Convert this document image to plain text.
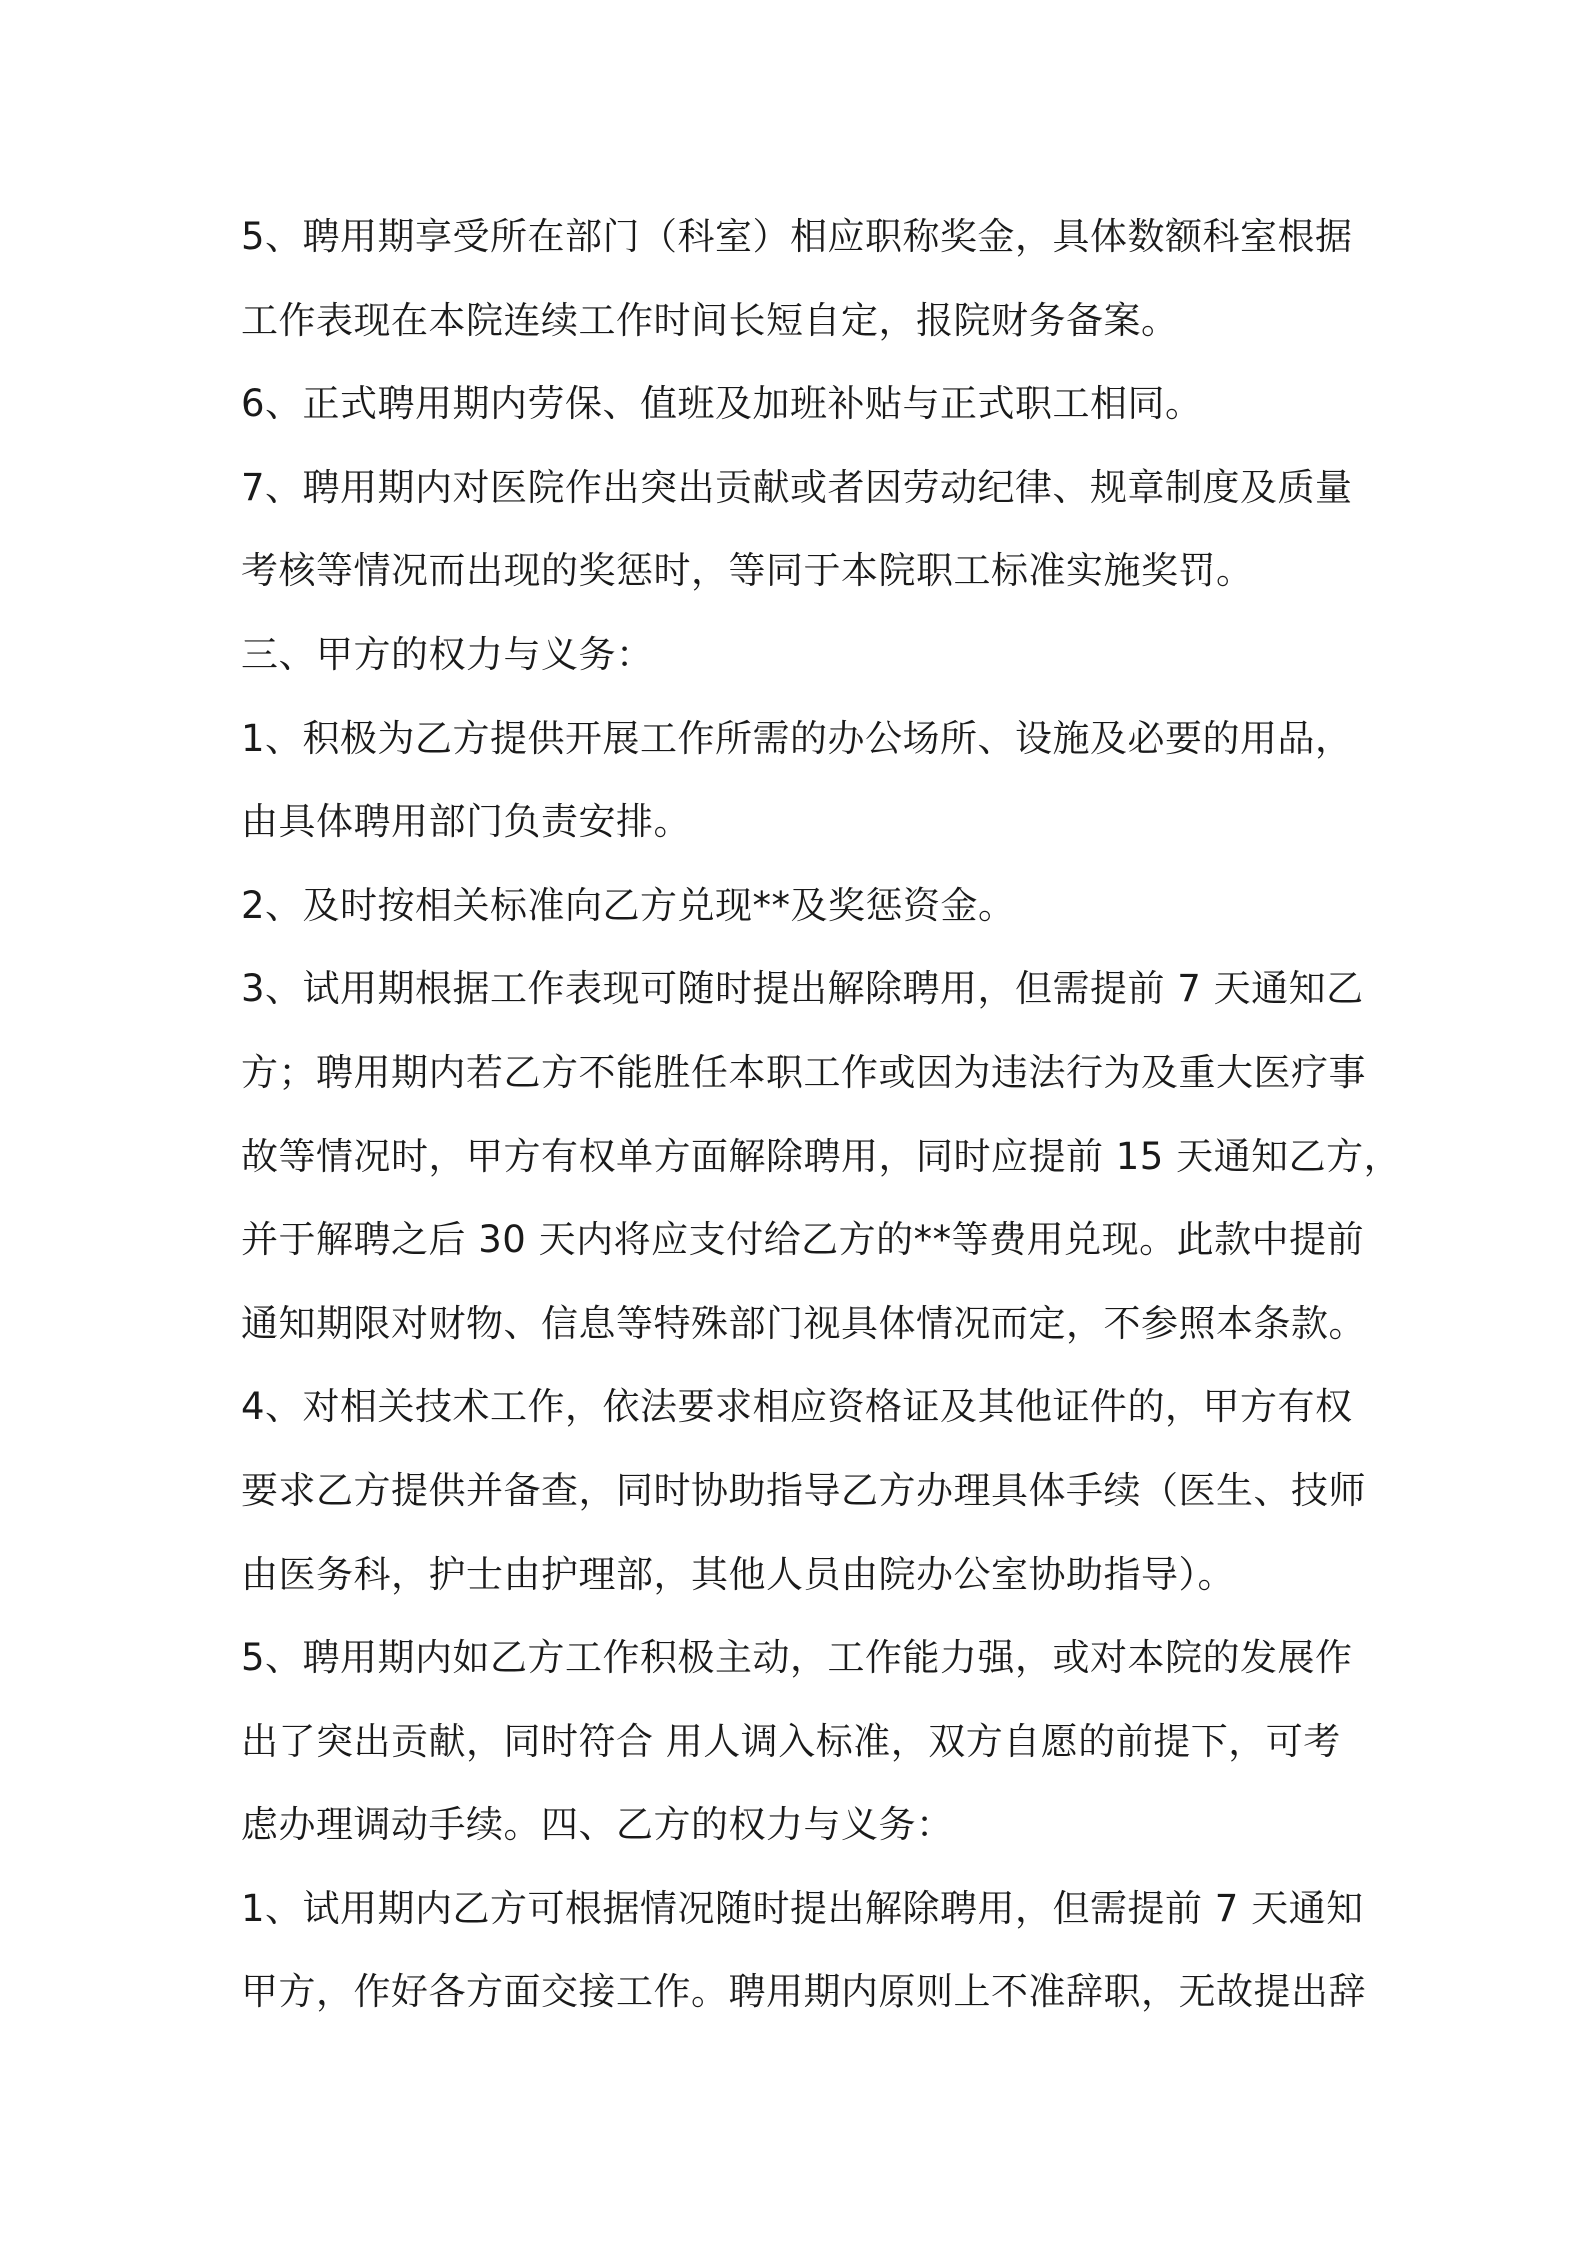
5、聘用期享受所在部门（科室）相应职称奖金，具体数额科室根据
工作表现在本院连续工作时间长短自定，报院财务备案。
6、正式聘用期内劳保、值班及加班补贴与正式职工相同。
7、聘用期内对医院作出突出贡献或者因劳动纪律、规章制度及质量
考核等情况而出现的奖惩时，等同于本院职工标准实施奖罚。
三、甲方的权力与义务：
1、积极为乙方提供开展工作所需的办公场所、设施及必要的用品，
由具体聘用部门负责安排。
2、及时按相关标准向乙方兑现**及奖惩资金。
3、试用期根据工作表现可随时提出解除聘用，但需提前 7 天通知乙
方；聘用期内若乙方不能胜任本职工作或因为违法行为及重大医疗事
故等情况时，甲方有权单方面解除聘用，同时应提前 15 天通知乙方，
并于解聘之后 30 天内将应支付给乙方的**等费用兑现。此款中提前
通知期限对财物、信息等特殊部门视具体情况而定，不参照本条款。
4、对相关技术工作，依法要求相应资格证及其他证件的，甲方有权
要求乙方提供并备查，同时协助指导乙方办理具体手续（医生、技师
由医务科，护士由护理部，其他人员由院办公室协助指导）。
5、聘用期内如乙方工作积极主动，工作能力强，或对本院的发展作
出了突出贡献，同时符合 用人调入标准，双方自愿的前提下，可考
虑办理调动手续。四、乙方的权力与义务：
1、试用期内乙方可根据情况随时提出解除聘用，但需提前 7 天通知
甲方，作好各方面交接工作。聘用期内原则上不准辞职，无故提出辞
